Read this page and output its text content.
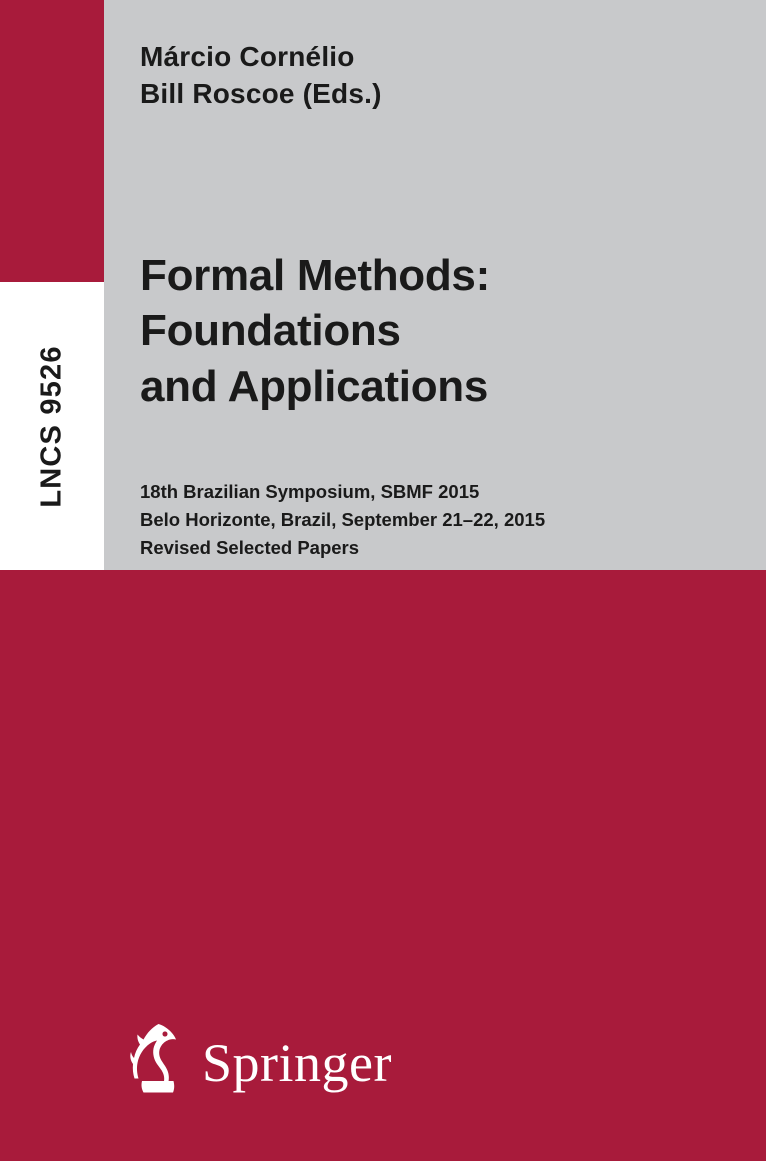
LNCS 9526
Márcio Cornélio
Bill Roscoe (Eds.)
Formal Methods:
Foundations
and Applications
18th Brazilian Symposium, SBMF 2015
Belo Horizonte, Brazil, September 21–22, 2015
Revised Selected Papers
Springer
